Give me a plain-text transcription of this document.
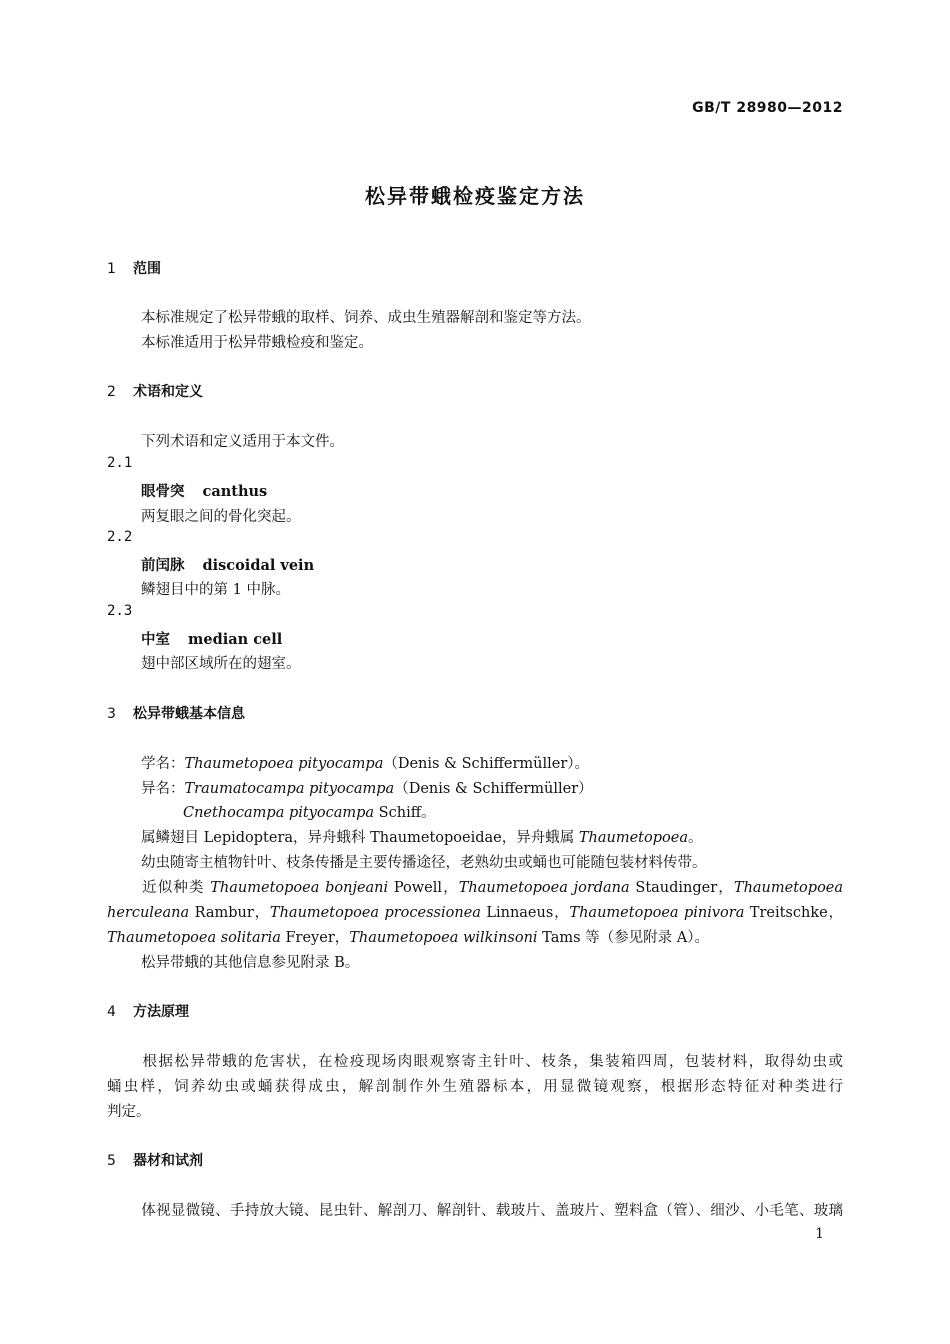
GB/T 28980—2012
松异带蛾检疫鉴定方法
1 范围
本标准规定了松异带蛾的取样、饲养、成虫生殖器解剖和鉴定等方法。
本标准适用于松异带蛾检疫和鉴定。
2 术语和定义
下列术语和定义适用于本文件。
2.1
眼骨突 canthus
两复眼之间的骨化突起。
2.2
前闰脉 discoidal vein
鳞翅目中的第 1 中脉。
2.3
中室 median cell
翅中部区域所在的翅室。
3 松异带蛾基本信息
学名：Thaumetopoea pityocampa（Denis & Schiffermüller）。
异名：Traumatocampa pityocampa（Denis & Schiffermüller）
Cnethocampa pityocampa Schiff。
属鳞翅目 Lepidoptera，异舟蛾科 Thaumetopoeidae，异舟蛾属 Thaumetopoea。
幼虫随寄主植物针叶、枝条传播是主要传播途径，老熟幼虫或蛹也可能随包装材料传带。
近似种类 Thaumetopoea bonjeani Powell，Thaumetopoea jordana Staudinger，Thaumetopoea
herculeana Rambur，Thaumetopoea processionea Linnaeus，Thaumetopoea pinivora Treitschke，
Thaumetopoea solitaria Freyer，Thaumetopoea wilkinsoni Tams 等（参见附录 A）。
松异带蛾的其他信息参见附录 B。
4 方法原理
根据松异带蛾的危害状，在检疫现场肉眼观察寄主针叶、枝条，集装箱四周，包装材料，取得幼虫或
蛹虫样，饲养幼虫或蛹获得成虫，解剖制作外生殖器标本，用显微镜观察，根据形态特征对种类进行
判定。
5 器材和试剂
体视显微镜、手持放大镜、昆虫针、解剖刀、解剖针、载玻片、盖玻片、塑料盒（管）、细沙、小毛笔、玻璃
1
